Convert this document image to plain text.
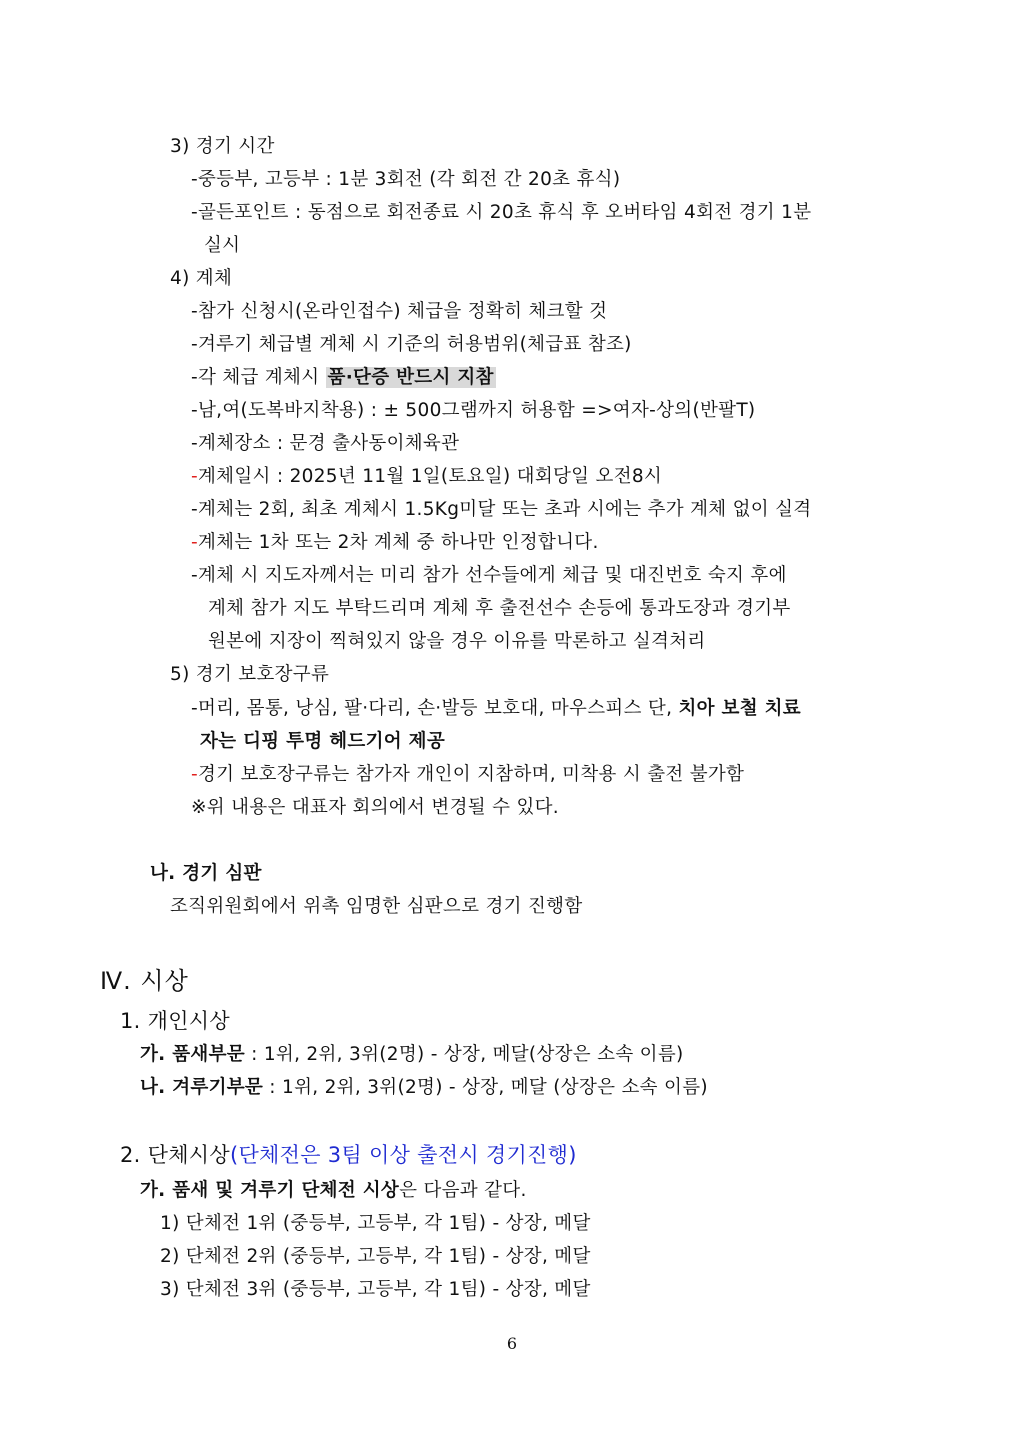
3) 경기 시간
-중등부, 고등부 : 1분 3회전 (각 회전 간 20초 휴식)
-골든포인트 : 동점으로 회전종료 시 20초 휴식 후 오버타임 4회전 경기 1분
실시
4) 계체
-참가 신청시(온라인접수) 체급을 정확히 체크할 것
-겨루기 체급별 계체 시 기준의 허용범위(체급표 참조)
-각 체급 계체시 품·단증 반드시 지참
-남,여(도복바지착용) : ± 500그램까지 허용함 =>여자-상의(반팔T)
-계체장소 : 문경 출사동이체육관
-계체일시 : 2025년 11월 1일(토요일) 대회당일 오전8시
-계체는 2회, 최초 계체시 1.5Kg미달 또는 초과 시에는 추가 계체 없이 실격
-계체는 1차 또는 2차 계체 중 하나만 인정합니다.
-계체 시 지도자께서는 미리 참가 선수들에게 체급 및 대진번호 숙지 후에
계체 참가 지도 부탁드리며 계체 후 출전선수 손등에 통과도장과 경기부
원본에 지장이 찍혀있지 않을 경우 이유를 막론하고 실격처리
5) 경기 보호장구류
-머리, 몸통, 낭심, 팔·다리, 손·발등 보호대, 마우스피스 단, 치아 보철 치료
자는 디핑 투명 헤드기어 제공
-경기 보호장구류는 참가자 개인이 지참하며, 미착용 시 출전 불가함
※위 내용은 대표자 회의에서 변경될 수 있다.
나. 경기 심판
조직위원회에서 위촉 임명한 심판으로 경기 진행함
Ⅳ. 시상
1. 개인시상
가. 품새부문 : 1위, 2위, 3위(2명) - 상장, 메달(상장은 소속 이름)
나. 겨루기부문 : 1위, 2위, 3위(2명) - 상장, 메달 (상장은 소속 이름)
2. 단체시상(단체전은 3팀 이상 출전시 경기진행)
가. 품새 및 겨루기 단체전 시상은 다음과 같다.
1) 단체전 1위 (중등부, 고등부, 각 1팀) - 상장, 메달
2) 단체전 2위 (중등부, 고등부, 각 1팀) - 상장, 메달
3) 단체전 3위 (중등부, 고등부, 각 1팀) - 상장, 메달
6
